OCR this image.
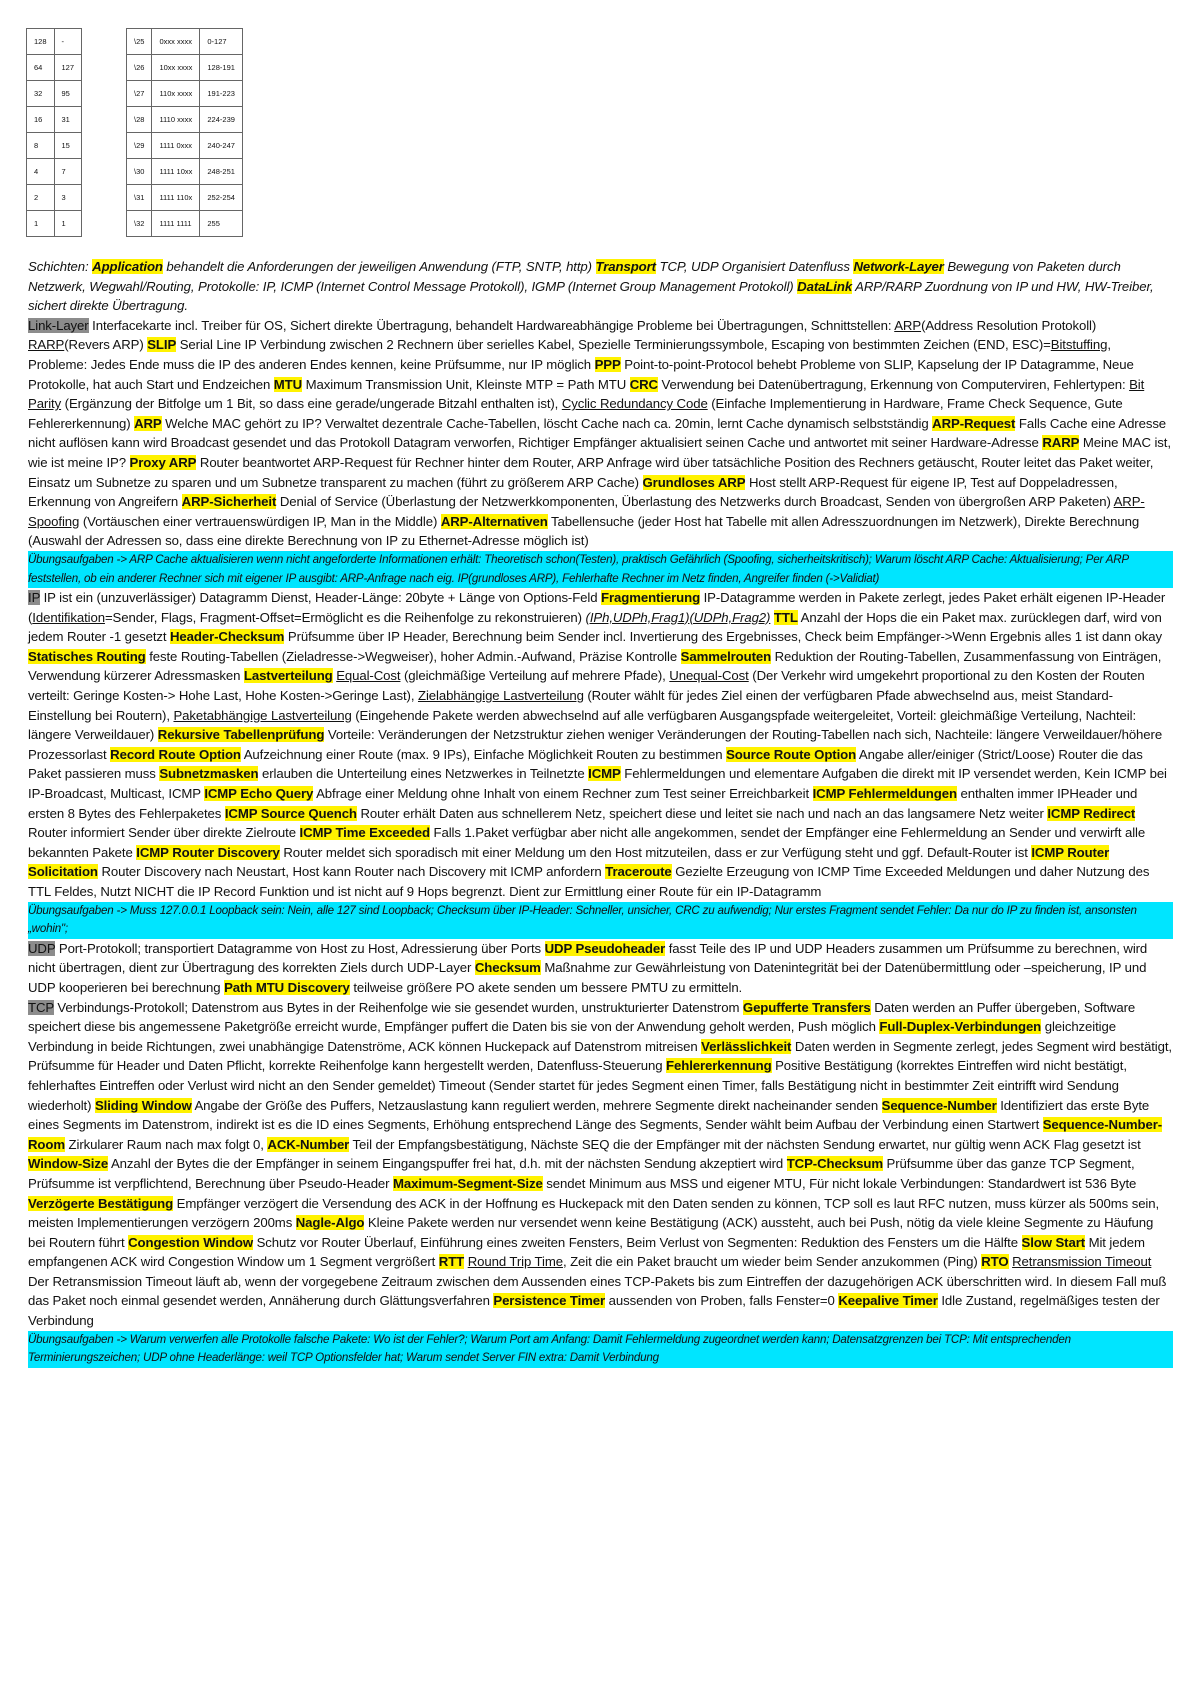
128	-
64	127
32	95
16	31
8	15
4	7
2	3
1	1
\25	0xxx xxxx	0-127
\26	10xx xxxx	128-191
\27	110x xxxx	191-223
\28	1110 xxxx	224-239
\29	1111 0xxx	240-247
\30	1111 10xx	248-251
\31	1111 110x	252-254
\32	1111 1111	255

Schichten: Application behandelt die Anforderungen der jeweiligen Anwendung (FTP, SNTP, http) Transport TCP, UDP Organisiert Datenfluss Network-Layer Bewegung von Paketen durch Netzwerk, Wegwahl/Routing, Protokolle: IP, ICMP (Internet Control Message Protokoll), IGMP (Internet Group Management Protokoll) DataLink ARP/RARP Zuordnung von IP und HW, HW-Treiber, sichert direkte Übertragung.

Link-Layer Interfacekarte incl. Treiber für OS, Sichert direkte Übertragung, behandelt Hardwareabhängige Probleme bei Übertragungen, Schnittstellen: ARP(Address Resolution Protokoll) RARP(Revers ARP) SLIP Serial Line IP Verbindung zwischen 2 Rechnern über serielles Kabel, Spezielle Terminierungssymbole, Escaping von bestimmten Zeichen (END, ESC)=Bitstuffing, Probleme: Jedes Ende muss die IP des anderen Endes kennen, keine Prüfsumme, nur IP möglich PPP Point-to-point-Protocol behebt Probleme von SLIP, Kapselung der IP Datagramme, Neue Protokolle, hat auch Start und Endzeichen MTU Maximum Transmission Unit, Kleinste MTP = Path MTU CRC Verwendung bei Datenübertragung, Erkennung von Computerviren, Fehlertypen: Bit Parity (Ergänzung der Bitfolge um 1 Bit, so dass eine gerade/ungerade Bitzahl enthalten ist), Cyclic Redundancy Code (Einfache Implementierung in Hardware, Frame Check Sequence, Gute Fehlererkennung) ARP Welche MAC gehört zu IP? Verwaltet dezentrale Cache-Tabellen, löscht Cache nach ca. 20min, lernt Cache dynamisch selbstständig ARP-Request Falls Cache eine Adresse nicht auflösen kann wird Broadcast gesendet und das Protokoll Datagram verworfen, Richtiger Empfänger aktualisiert seinen Cache und antwortet mit seiner Hardware-Adresse RARP Meine MAC ist, wie ist meine IP? Proxy ARP Router beantwortet ARP-Request für Rechner hinter dem Router, ARP Anfrage wird über tatsächliche Position des Rechners getäuscht, Router leitet das Paket weiter, Einsatz um Subnetze zu sparen und um Subnetze transparent zu machen (führt zu größerem ARP Cache) Grundloses ARP Host stellt ARP-Request für eigene IP, Test auf Doppeladressen, Erkennung von Angreifern ARP-Sicherheit Denial of Service (Überlastung der Netzwerkkomponenten, Überlastung des Netzwerks durch Broadcast, Senden von übergroßen ARP Paketen) ARP-Spoofing (Vortäuschen einer vertrauenswürdigen IP, Man in the Middle) ARP-Alternativen Tabellensuche (jeder Host hat Tabelle mit allen Adresszuordnungen im Netzwerk), Direkte Berechnung (Auswahl der Adressen so, dass eine direkte Berechnung von IP zu Ethernet-Adresse möglich ist)

Übungsaufgaben -> ARP Cache aktualisieren wenn nicht angeforderte Informationen erhält: Theoretisch schon(Testen), praktisch Gefährlich (Spoofing, sicherheitskritisch); Warum löscht ARP Cache: Aktualisierung; Per ARP feststellen, ob ein anderer Rechner sich mit eigener IP ausgibt: ARP-Anfrage nach eig. IP(grundloses ARP), Fehlerhafte Rechner im Netz finden, Angreifer finden (->Validiat)

IP IP ist ein (unzuverlässiger) Datagramm Dienst, Header-Länge: 20byte + Länge von Options-Feld Fragmentierung IP-Datagramme werden in Pakete zerlegt, jedes Paket erhält eigenen IP-Header (Identifikation=Sender, Flags, Fragment-Offset=Ermöglicht es die Reihenfolge zu rekonstruieren) (IPh,UDPh,Frag1)(UDPh,Frag2) TTL Anzahl der Hops die ein Paket max. zurücklegen darf, wird von jedem Router -1 gesetzt Header-Checksum Prüfsumme über IP Header, Berechnung beim Sender incl. Invertierung des Ergebnisses, Check beim Empfänger->Wenn Ergebnis alles 1 ist dann okay Statisches Routing feste Routing-Tabellen (Zieladresse->Wegweiser), hoher Admin.-Aufwand, Präzise Kontrolle Sammelrouten Reduktion der Routing-Tabellen, Zusammenfassung von Einträgen, Verwendung kürzerer Adressmasken Lastverteilung Equal-Cost (gleichmäßige Verteilung auf mehrere Pfade), Unequal-Cost (Der Verkehr wird umgekehrt proportional zu den Kosten der Routen verteilt: Geringe Kosten-> Hohe Last, Hohe Kosten->Geringe Last), Zielabhängige Lastverteilung (Router wählt für jedes Ziel einen der verfügbaren Pfade abwechselnd aus, meist Standard-Einstellung bei Routern), Paketabhängige Lastverteilung (Eingehende Pakete werden abwechselnd auf alle verfügbaren Ausgangspfade weitergeleitet, Vorteil: gleichmäßige Verteilung, Nachteil: längere Verweildauer) Rekursive Tabellenprüfung Vorteile: Veränderungen der Netzstruktur ziehen weniger Veränderungen der Routing-Tabellen nach sich, Nachteile: längere Verweildauer/höhere Prozessorlast Record Route Option Aufzeichnung einer Route (max. 9 IPs), Einfache Möglichkeit Routen zu bestimmen Source Route Option Angabe aller/einiger (Strict/Loose) Router die das Paket passieren muss Subnetzmasken erlauben die Unterteilung eines Netzwerkes in Teilnetzte ICMP Fehlermeldungen und elementare Aufgaben die direkt mit IP versendet werden, Kein ICMP bei IP-Broadcast, Multicast, ICMP ICMP Echo Query Abfrage einer Meldung ohne Inhalt von einem Rechner zum Test seiner Erreichbarkeit ICMP Fehlermeldungen enthalten immer IPHeader und ersten 8 Bytes des Fehlerpaketes ICMP Source Quench Router erhält Daten aus schnellerem Netz, speichert diese und leitet sie nach und nach an das langsamere Netz weiter ICMP Redirect Router informiert Sender über direkte Zielroute ICMP Time Exceeded Falls 1.Paket verfügbar aber nicht alle angekommen, sendet der Empfänger eine Fehlermeldung an Sender und verwirft alle bekannten Pakete ICMP Router Discovery Router meldet sich sporadisch mit einer Meldung um den Host mitzuteilen, dass er zur Verfügung steht und ggf. Default-Router ist ICMP Router Solicitation Router Discovery nach Neustart, Host kann Router nach Discovery mit ICMP anfordern Traceroute Gezielte Erzeugung von ICMP Time Exceeded Meldungen und daher Nutzung des TTL Feldes, Nutzt NICHT die IP Record Funktion und ist nicht auf 9 Hops begrenzt. Dient zur Ermittlung einer Route für ein IP-Datagramm

Übungsaufgaben -> Muss 127.0.0.1 Loopback sein: Nein, alle 127 sind Loopback; Checksum über IP-Header: Schneller, unsicher, CRC zu aufwendig; Nur erstes Fragment sendet Fehler: Da nur do IP zu finden ist, ansonsten „wohin";

UDP Port-Protokoll; transportiert Datagramme von Host zu Host, Adressierung über Ports UDP Pseudoheader fasst Teile des IP und UDP Headers zusammen um Prüfsumme zu berechnen, wird nicht übertragen, dient zur Übertragung des korrekten Ziels durch UDP-Layer Checksum Maßnahme zur Gewährleistung von Datenintegrität bei der Datenübermittlung oder –speicherung, IP und UDP kooperieren bei berechnung Path MTU Discovery teilweise größere PO akete senden um bessere PMTU zu ermitteln.

TCP Verbindungs-Protokoll; Datenstrom aus Bytes in der Reihenfolge wie sie gesendet wurden, unstrukturierter Datenstrom Gepufferte Transfers Daten werden an Puffer übergeben, Software speichert diese bis angemessene Paketgröße erreicht wurde, Empfänger puffert die Daten bis sie von der Anwendung geholt werden, Push möglich Full-Duplex-Verbindungen gleichzeitige Verbindung in beide Richtungen, zwei unabhängige Datenströme, ACK können Huckepack auf Datenstrom mitreisen Verlässlichkeit Daten werden in Segmente zerlegt, jedes Segment wird bestätigt, Prüfsumme für Header und Daten Pflicht, korrekte Reihenfolge kann hergestellt werden, Datenfluss-Steuerung Fehlererkennung Positive Bestätigung (korrektes Eintreffen wird nicht bestätigt, fehlerhaftes Eintreffen oder Verlust wird nicht an den Sender gemeldet) Timeout (Sender startet für jedes Segment einen Timer, falls Bestätigung nicht in bestimmter Zeit eintrifft wird Sendung wiederholt) Sliding Window Angabe der Größe des Puffers, Netzauslastung kann reguliert werden, mehrere Segmente direkt nacheinander senden Sequence-Number Identifiziert das erste Byte eines Segments im Datenstrom, indirekt ist es die ID eines Segments, Erhöhung entsprechend Länge des Segments, Sender wählt beim Aufbau der Verbindung einen Startwert Sequence-Number-Room Zirkularer Raum nach max folgt 0, ACK-Number Teil der Empfangsbestätigung, Nächste SEQ die der Empfänger mit der nächsten Sendung erwartet, nur gültig wenn ACK Flag gesetzt ist Window-Size Anzahl der Bytes die der Empfänger in seinem Eingangspuffer frei hat, d.h. mit der nächsten Sendung akzeptiert wird TCP-Checksum Prüfsumme über das ganze TCP Segment, Prüfsumme ist verpflichtend, Berechnung über Pseudo-Header Maximum-Segment-Size sendet Minimum aus MSS und eigener MTU, Für nicht lokale Verbindungen: Standardwert ist 536 Byte Verzögerte Bestätigung Empfänger verzögert die Versendung des ACK in der Hoffnung es Huckepack mit den Daten senden zu können, TCP soll es laut RFC nutzen, muss kürzer als 500ms sein, meisten Implementierungen verzögern 200ms Nagle-Algo Kleine Pakete werden nur versendet wenn keine Bestätigung (ACK) aussteht, auch bei Push, nötig da viele kleine Segmente zu Häufung bei Routern führt Congestion Window Schutz vor Router Überlauf, Einführung eines zweiten Fensters, Beim Verlust von Segmenten: Reduktion des Fensters um die Hälfte Slow Start Mit jedem empfangenen ACK wird Congestion Window um 1 Segment vergrößert RTT Round Trip Time, Zeit die ein Paket braucht um wieder beim Sender anzukommen (Ping) RTO Retransmission Timeout Der Retransmission Timeout läuft ab, wenn der vorgegebene Zeitraum zwischen dem Aussenden eines TCP-Pakets bis zum Eintreffen der dazugehörigen ACK überschritten wird. In diesem Fall muß das Paket noch einmal gesendet werden, Annäherung durch Glättungsverfahren Persistence Timer aussenden von Proben, falls Fenster=0 Keepalive Timer Idle Zustand, regelmäßiges testen der Verbindung

Übungsaufgaben -> Warum verwerfen alle Protokolle falsche Pakete: Wo ist der Fehler?; Warum Port am Anfang: Damit Fehlermeldung zugeordnet werden kann; Datensatzgrenzen bei TCP: Mit entsprechenden Terminierungszeichen; UDP ohne Headerlänge: weil TCP Optionsfelder hat; Warum sendet Server FIN extra: Damit Verbindung
